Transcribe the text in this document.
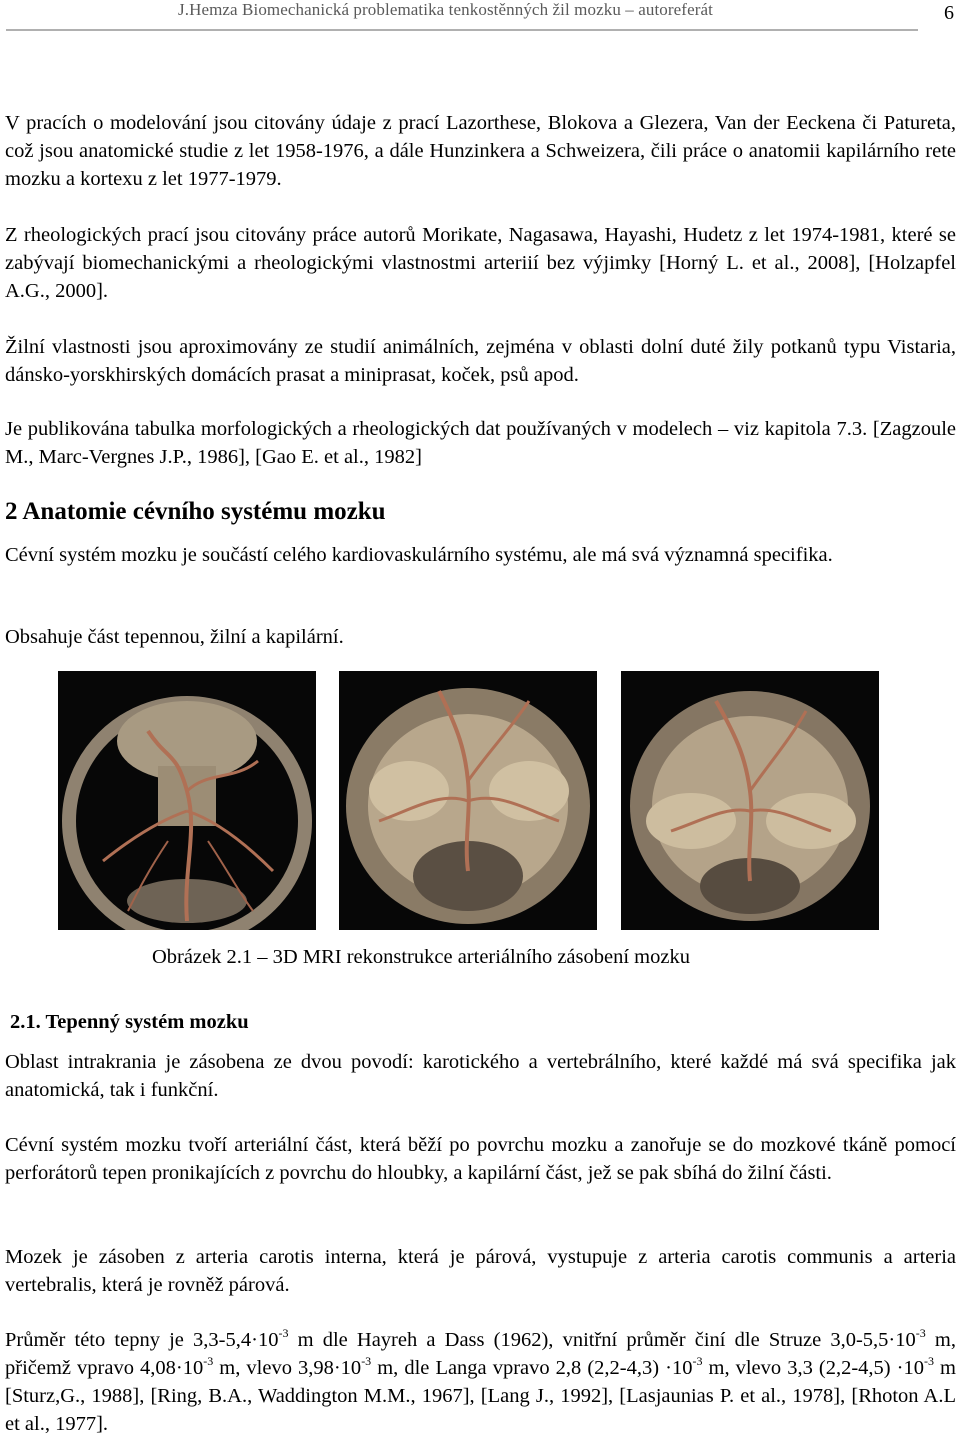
J.Hemza Biomechanická problematika tenkostěnných žil mozku – autoreferát	6

V pracích o modelování jsou citovány údaje z prací Lazorthese, Blokova a Glezera, Van der Eeckena či Patureta, což jsou anatomické studie z let 1958-1976, a dále Hunzinkera a Schweizera, čili práce o anatomii kapilárního rete mozku a kortexu z let 1977-1979.

Z rheologických prací jsou citovány práce autorů Morikate, Nagasawa, Hayashi, Hudetz z let 1974-1981, které se zabývají biomechanickými a rheologickými vlastnostmi arteriií bez výjimky [Horný L. et al., 2008], [Holzapfel A.G., 2000].

Žilní vlastnosti jsou aproximovány ze studií animálních, zejména v oblasti dolní duté žily potkanů typu Vistaria, dánsko-yorskhirských domácích prasat a miniprasat, koček, psů apod.

Je publikována tabulka morfologických a rheologických dat používaných v modelech – viz kapitola 7.3. [Zagzoule M., Marc-Vergnes J.P., 1986], [Gao E. et al., 1982]

2 Anatomie cévního systému mozku

Cévní systém mozku je součástí celého kardiovaskulárního systému, ale má svá významná specifika.

Obsahuje část tepennou, žilní a kapilární.

Obrázek 2.1 – 3D MRI rekonstrukce arteriálního zásobení mozku

2.1. Tepenný systém mozku

Oblast intrakrania je zásobena ze dvou povodí: karotického a vertebrálního, které každé má svá specifika jak anatomická, tak i funkční.

Cévní systém mozku tvoří arteriální část, která běží po povrchu mozku a zanořuje se do mozkové tkáně pomocí perforátorů tepen pronikajících z povrchu do hloubky, a kapilární část, jež se pak sbíhá do žilní části.

Mozek je zásoben z arteria carotis interna, která je párová, vystupuje z arteria carotis communis a arteria vertebralis, která je rovněž párová.

Průměr této tepny je $3,3-5,4\cdot 10^{-3}$ m dle Hayreh a Dass (1962), vnitřní průměr činí dle Struze $3,0-5,5\cdot 10^{-3}$ m, přičemž vpravo $4,08\cdot 10^{-3}$ m, vlevo $3,98\cdot 10^{-3}$ m, dle Langa vpravo 2,8 $(2,2-4,3) \cdot 10^{-3}$ m, vlevo 3,3 $(2,2-4,5) \cdot 10^{-3}$ m [Sturz,G., 1988], [Ring, B.A., Waddington M.M., 1967], [Lang J., 1992], [Lasjaunias P. et al., 1978], [Rhoton A.L et al., 1977].
